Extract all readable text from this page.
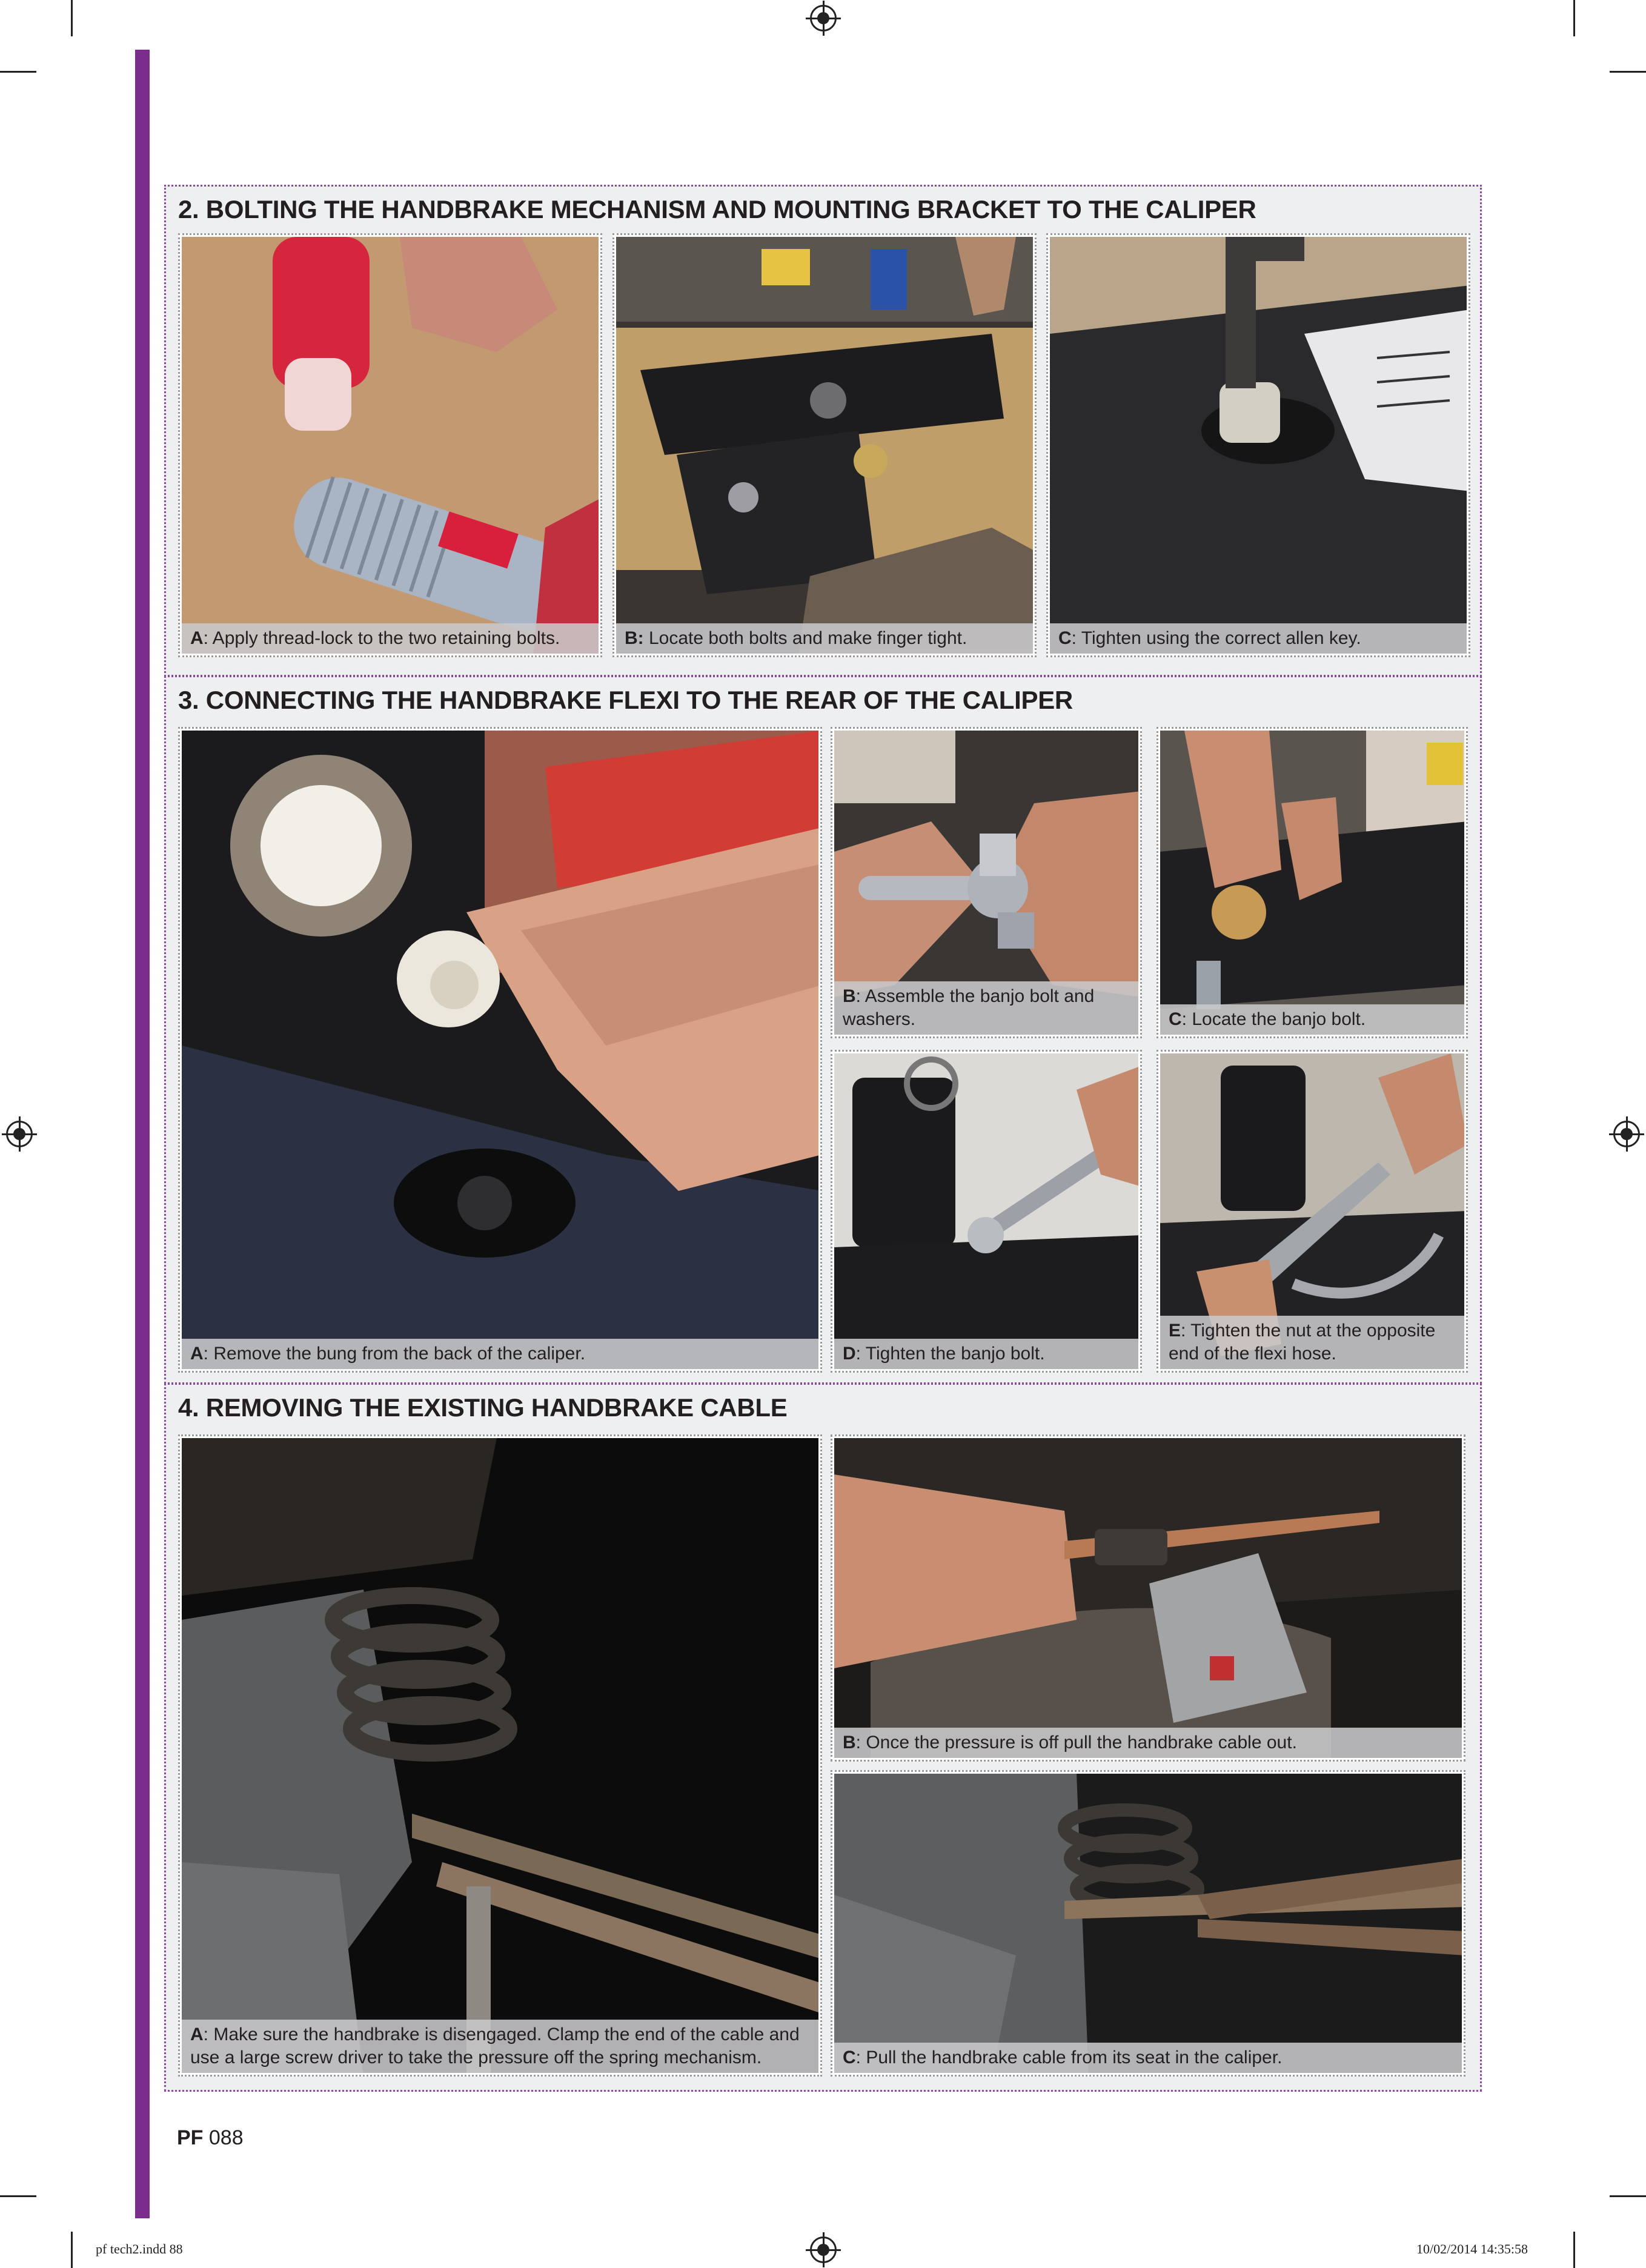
2. BOLTING THE HANDBRAKE MECHANISM AND MOUNTING BRACKET TO THE CALIPER
A: Apply thread-lock to the two retaining bolts.	B: Locate both bolts and make finger tight.	C: Tighten using the correct allen key.
3. CONNECTING THE HANDBRAKE FLEXI TO THE REAR OF THE CALIPER
A: Remove the bung from the back of the caliper.
B: Assemble the banjo bolt and washers.	C: Locate the banjo bolt.
D: Tighten the banjo bolt.
E: Tighten the nut at the opposite end of the flexi hose.
4. REMOVING THE EXISTING HANDBRAKE CABLE
A: Make sure the handbrake is disengaged. Clamp the end of the cable and use a large screw driver to take the pressure off the spring mechanism.
B: Once the pressure is off pull the handbrake cable out.
C: Pull the handbrake cable from its seat in the caliper.
PF 088
pf tech2.indd 88	10/02/2014 14:35:58
